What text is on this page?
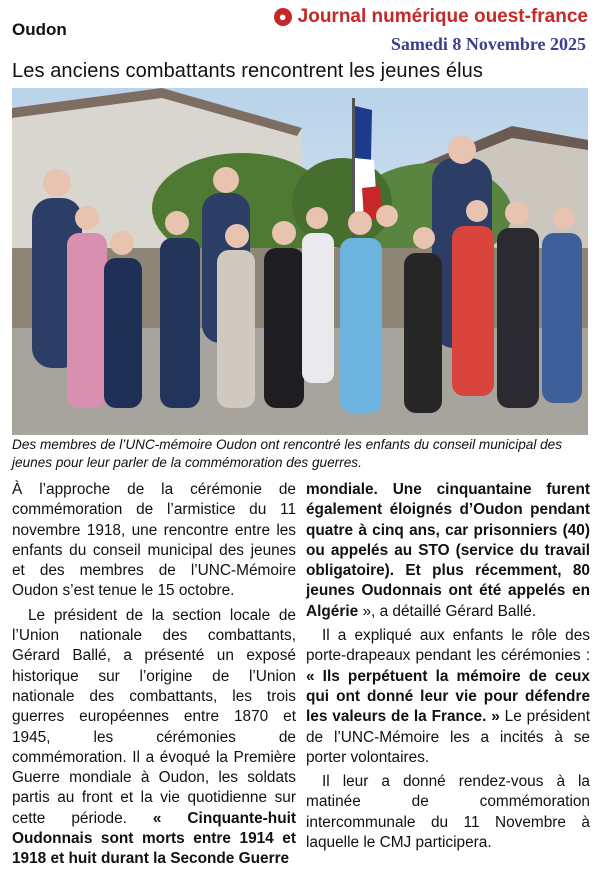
Oudon
● Journal numérique ouest-france
Samedi 8 Novembre 2025
Les anciens combattants rencontrent les jeunes élus
Des membres de l’UNC-mémoire Oudon ont rencontré les enfants du conseil municipal des jeunes pour leur parler de la commémoration des guerres.

À l’approche de la cérémonie de commémoration de l’armistice du 11 novembre 1918, une rencontre entre les enfants du conseil municipal des jeunes et des membres de l’UNC-Mémoire Oudon s’est tenue le 15 octobre.

Le président de la section locale de l’Union nationale des combattants, Gérard Ballé, a présenté un exposé historique sur l’origine de l’Union nationale des combattants, les trois guerres européennes entre 1870 et 1945, les cérémonies de commémoration. Il a évoqué la Première Guerre mondiale à Oudon, les soldats partis au front et la vie quotidienne sur cette période. « Cinquante-huit Oudonnais sont morts entre 1914 et 1918 et huit durant la Seconde Guerre

mondiale. Une cinquantaine furent également éloignés d’Oudon pendant quatre à cinq ans, car prisonniers (40) ou appelés au STO (service du travail obligatoire). Et plus récemment, 80 jeunes Oudonnais ont été appelés en Algérie », a détaillé Gérard Ballé.

Il a expliqué aux enfants le rôle des porte-drapeaux pendant les cérémonies : « Ils perpétuent la mémoire de ceux qui ont donné leur vie pour défendre les valeurs de la France. » Le président de l’UNC-Mémoire les a incités à se porter volontaires.

Il leur a donné rendez-vous à la matinée de commémoration intercommunale du 11 Novembre à laquelle le CMJ participera.
